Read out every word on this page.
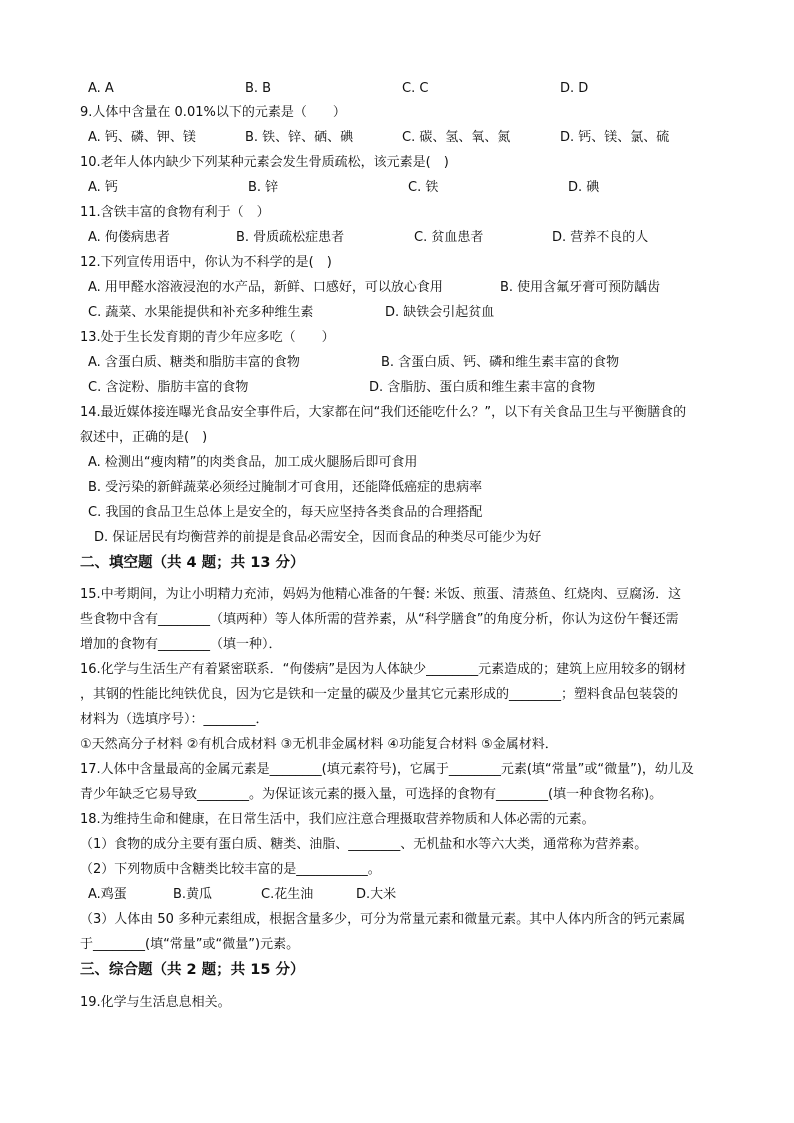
A. A	B. B	C. C	D. D
9.人体中含量在 0.01%以下的元素是（　　）
A. 钙、磷、钾、镁	B. 铁、锌、硒、碘	C. 碳、氢、氧、氮	D. 钙、镁、氯、硫
10.老年人体内缺少下列某种元素会发生骨质疏松，该元素是(　)
A. 钙	B. 锌	C. 铁	D. 碘
11.含铁丰富的食物有利于（　）
A. 佝偻病患者	B. 骨质疏松症患者	C. 贫血患者	D. 营养不良的人
12.下列宣传用语中，你认为不科学的是(　)
A. 用甲醛水溶液浸泡的水产品，新鲜、口感好，可以放心食用	B. 使用含氟牙膏可预防龋齿
C. 蔬菜、水果能提供和补充多种维生素	D. 缺铁会引起贫血
13.处于生长发育期的青少年应多吃（　　）
A. 含蛋白质、糖类和脂肪丰富的食物	B. 含蛋白质、钙、磷和维生素丰富的食物
C. 含淀粉、脂肪丰富的食物	D. 含脂肪、蛋白质和维生素丰富的食物
14.最近媒体接连曝光食品安全事件后，大家都在问“我们还能吃什么？”，以下有关食品卫生与平衡膳食的
叙述中，正确的是(　)
A. 检测出“瘦肉精”的肉类食品，加工成火腿肠后即可食用
B. 受污染的新鲜蔬菜必须经过腌制才可食用，还能降低癌症的患病率
C. 我国的食品卫生总体上是安全的，每天应坚持各类食品的合理搭配
D. 保证居民有均衡营养的前提是食品必需安全，因而食品的种类尽可能少为好
二、填空题（共 4 题；共 13 分）
15.中考期间，为让小明精力充沛，妈妈为他精心准备的午餐: 米饭、煎蛋、清蒸鱼、红烧肉、豆腐汤．这
些食物中含有________（填两种）等人体所需的营养素，从“科学膳食”的角度分析，你认为这份午餐还需
增加的食物有________（填一种）．
16.化学与生活生产有着紧密联系．“佝偻病”是因为人体缺少________元素造成的；建筑上应用较多的钢材
，其钢的性能比纯铁优良，因为它是铁和一定量的碳及少量其它元素形成的________；塑料食品包装袋的
材料为（选填序号）：________．
①天然高分子材料 ②有机合成材料 ③无机非金属材料 ④功能复合材料 ⑤金属材料．
17.人体中含量最高的金属元素是________(填元素符号)，它属于________元素(填“常量”或“微量”)，幼儿及
青少年缺乏它易导致________。为保证该元素的摄入量，可选择的食物有________(填一种食物名称)。
18.为维持生命和健康，在日常生活中，我们应注意合理摄取营养物质和人体必需的元素。
（1）食物的成分主要有蛋白质、糖类、油脂、________、无机盐和水等六大类，通常称为营养素。
（2）下列物质中含糖类比较丰富的是___________。
A.鸡蛋	B.黄瓜	C.花生油	D.大米
（3）人体由 50 多种元素组成，根据含量多少，可分为常量元素和微量元素。其中人体内所含的钙元素属
于________(填“常量”或“微量”)元素。
三、综合题（共 2 题；共 15 分）
19.化学与生活息息相关。
